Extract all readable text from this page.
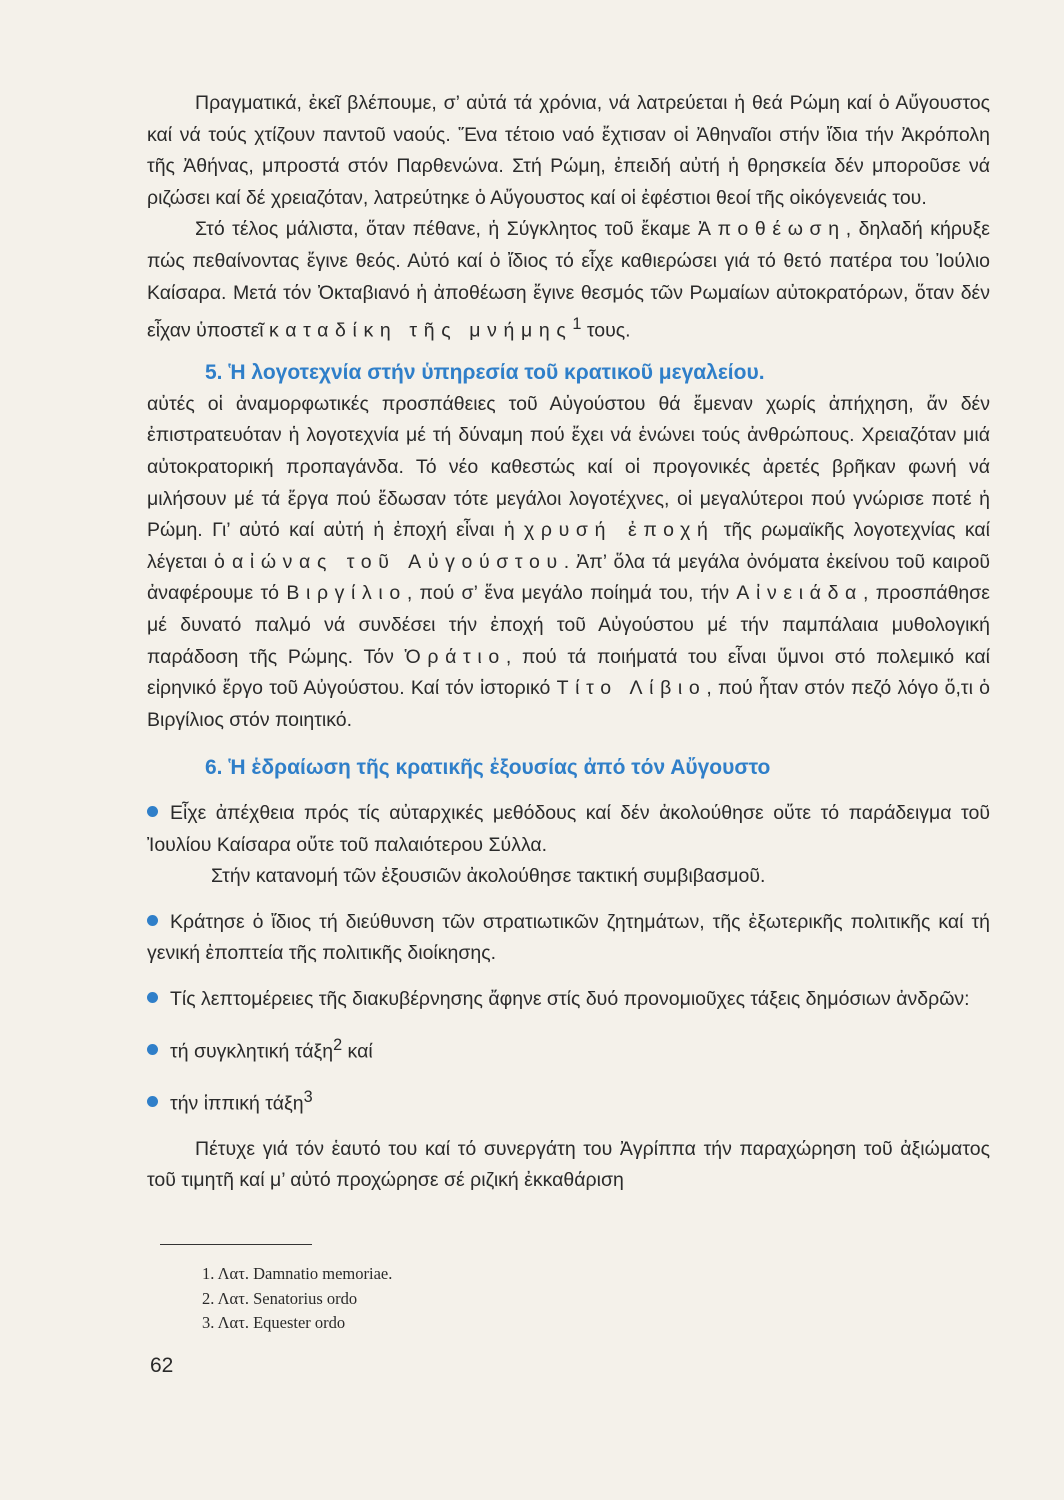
Πραγματικά, ἐκεῖ βλέπουμε, σ’ αὐτά τά χρόνια, νά λατρεύεται ἡ θεά Ρώμη καί ὁ Αὔγουστος καί νά τούς χτίζουν παντοῦ ναούς. Ἕνα τέτοιο ναό ἔχτισαν οἱ Ἀθηναῖοι στήν ἴδια τήν Ἀκρόπολη τῆς Ἀθήνας, μπροστά στόν Παρθενώνα. Στή Ρώμη, ἐπειδή αὐτή ἡ θρησκεία δέν μποροῦσε νά ριζώσει καί δέ χρειαζόταν, λατρεύτηκε ὁ Αὔγουστος καί οἱ ἐφέστιοι θεοί τῆς οἰκόγενειάς του.

Στό τέλος μάλιστα, ὅταν πέθανε, ἡ Σύγκλητος τοῦ ἔκαμε Ἀποθέωση, δηλαδή κήρυξε πώς πεθαίνοντας ἔγινε θεός. Αὐτό καί ὁ ἴδιος τό εἶχε καθιερώσει γιά τό θετό πατέρα του Ἰούλιο Καίσαρα. Μετά τόν Ὀκταβιανό ἡ ἀποθέωση ἔγινε θεσμός τῶν Ρωμαίων αὐτοκρατόρων, ὅταν δέν εἶχαν ὑποστεῖ καταδίκη τῆς μνήμης$^1$ τους.

5. Ἡ λογοτεχνία στήν ὑπηρεσία τοῦ κρατικοῦ μεγαλείου.

αὐτές οἱ ἀναμορφωτικές προσπάθειες τοῦ Αὐγούστου θά ἔμεναν χωρίς ἀπήχηση, ἄν δέν ἐπιστρατευόταν ἡ λογοτεχνία μέ τή δύναμη πού ἔχει νά ἑνώνει τούς ἀνθρώπους. Χρειαζόταν μιά αὐτοκρατορική προπαγάνδα. Τό νέο καθεστώς καί οἱ προγονικές ἀρετές βρῆκαν φωνή νά μιλήσουν μέ τά ἔργα πού ἔδωσαν τότε μεγάλοι λογοτέχνες, οἱ μεγαλύτεροι πού γνώρισε ποτέ ἡ Ρώμη. Γι’ αὐτό καί αὐτή ἡ ἐποχή εἶναι ἡ χρυσή ἐποχή τῆς ρωμαϊκῆς λογοτεχνίας καί λέγεται ὁ αἰώνας τοῦ Αὐγούστου. Ἀπ’ ὅλα τά μεγάλα ὀνόματα ἐκείνου τοῦ καιροῦ ἀναφέρουμε τό Βιργίλιο, πού σ’ ἕνα μεγάλο ποίημά του, τήν Αἰνειάδα, προσπάθησε μέ δυνατό παλμό νά συνδέσει τήν ἐποχή τοῦ Αὐγούστου μέ τήν παμπάλαια μυθολογική παράδοση τῆς Ρώμης. Τόν Ὁράτιο, πού τά ποιήματά του εἶναι ὕμνοι στό πολεμικό καί εἰρηνικό ἔργο τοῦ Αὐγούστου. Καί τόν ἱστορικό Τίτο Λίβιο, πού ἦταν στόν πεζό λόγο ὅ,τι ὁ Βιργίλιος στόν ποιητικό.

6. Ἡ ἑδραίωση τῆς κρατικῆς ἐξουσίας ἀπό τόν Αὔγουστο

Εἶχε ἀπέχθεια πρός τίς αὐταρχικές μεθόδους καί δέν ἀκολούθησε οὔτε τό παράδειγμα τοῦ Ἰουλίου Καίσαρα οὔτε τοῦ παλαιότερου Σύλλα.

Στήν κατανομή τῶν ἐξουσιῶν ἀκολούθησε τακτική συμβιβασμοῦ.

Κράτησε ὁ ἴδιος τή διεύθυνση τῶν στρατιωτικῶν ζητημάτων, τῆς ἐξωτερικῆς πολιτικῆς καί τή γενική ἐποπτεία τῆς πολιτικῆς διοίκησης.

Τίς λεπτομέρειες τῆς διακυβέρνησης ἄφηνε στίς δυό προνομιοῦχες τάξεις δημόσιων ἀνδρῶν:

τή συγκλητική τάξη$^2$ καί

τήν ἱππική τάξη$^3$

Πέτυχε γιά τόν ἑαυτό του καί τό συνεργάτη του Ἀγρίππα τήν παραχώρηση τοῦ ἀξιώματος τοῦ τιμητῆ καί μ’ αὐτό προχώρησε σέ ριζική ἐκκαθάριση

1. Λατ. Damnatio memoriae.
2. Λατ. Senatorius ordo
3. Λατ. Equester ordo
62
